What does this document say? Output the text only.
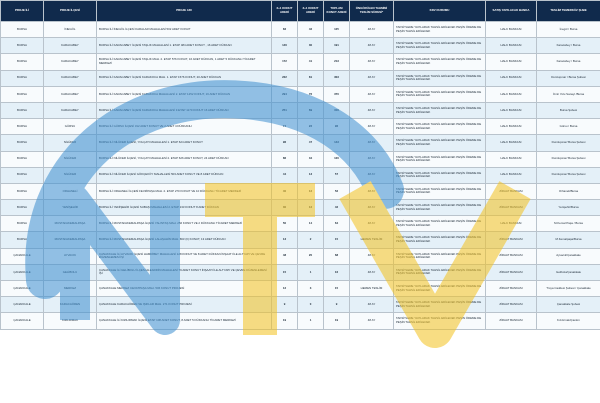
PROJE İLİ	PROJE İLÇESİ	PROJE ADI	2+1 KONUT ADEDİ	3+1 KONUT ADEDİ	TOPLAM KONUT ADEDİ	ÖNGÖRÜLEN TAHMİNİ TESLİM SÜRESİ*	KDV DURUMU	SATIŞ YAPILACAK BANKA	TESLİM TEMERKÜZ ŞUBE
BURSA	İNEGÖL	BURSA İLİ İNEGÖL İLÇESİ KARALAR MAHALLESİ 502 ADET KONUT	83	42	125	48 AY	TAKSİTLERE YAYILARAK TAHSİL EDİLECEK PEŞİN ÖDEME DE PEŞİN TAHSİL EDİLECEK	HALK BANKASI	İnegöl / Bursa
BURSA	KARACABEY	BURSA İLİ KARACABEY İLÇESİ TAŞLIK MAHALLESİ 1. ETAP 484 ADET KONUT , 16 ADET DÜKKAN	146	30	191	48 AY	TAKSİTLERE YAYILARAK TAHSİL EDİLECEK PEŞİN ÖDEME DE PEŞİN TAHSİL EDİLECEK	HALK BANKASI	Karacabey / Bursa
BURSA	KARACABEY	BURSA İLİ KARACABEY İLÇESİ TAŞLIK MAH. 2. ETAP 576 KONUT, 16 ADET DÜKKAN, 1 ADET 5 DÜKKANLI TİCARET MERKEZİ	172	41	213	48 AY	TAKSİTLERE YAYILARAK TAHSİL EDİLECEK PEŞİN ÖDEME DE PEŞİN TAHSİL EDİLECEK	HALK BANKASI	Karacabey / Bursa
BURSA	KARACABEY	BURSA İLİ KARACABEY İLÇESİ KARAKOCA MAH. 1. ETAP 1576 KONUT, 20 ADET DÜKKAN	222	81	303	48 AY	TAKSİTLERE YAYILARAK TAHSİL EDİLECEK PEŞİN ÖDEME DE PEŞİN TAHSİL EDİLECEK	HALK BANKASI	Dumlupınar / Bursa Şubesi
BURSA	KARACABEY	BURSA İLİ KARACABEY İLÇESİ KARAKOCA MAHALLESİ 2. ETAP 1252 KONUT, 16 ADET DÜKKAN	294	76	370	48 AY	TAKSİTLERE YAYILARAK TAHSİL EDİLECEK PEŞİN ÖDEME DE PEŞİN TAHSİL EDİLECEK	HALK BANKASI	İzmir Yolu Sanayi /Bursa
BURSA	KARACABEY	BURSA İLİ KARACABEY İLÇESİ KARAKOCA MAHALLESİ 3.ETAP 1170 KONUT 16 ADET DÜKKAN	251	69	316	48 AY	TAKSİTLERE YAYILARAK TAHSİL EDİLECEK PEŞİN ÖDEME DE PEŞİN TAHSİL EDİLECEK	HALK BANKASI	Bursa Şubesi
BURSA	GÜRSU	BURSA İLİ GÜRSU İLÇESİ 312 ADET KONUT VE 2 ADET 4 DÜKKANLI	74	22	96	48 AY	TAKSİTLERE YAYILARAK TAHSİL EDİLECEK PEŞİN ÖDEME DE PEŞİN TAHSİL EDİLECEK	HALK BANKASI	Gürsu / Bursa
BURSA	NİLÜFER	BURSA İLİ NİLÜFER İLÇESİ, YOLÇATI MAHALLESİ 1. ETAP 624 ADET KONUT	96	47	143	48 AY	TAKSİTLERE YAYILARAK TAHSİL EDİLECEK PEŞİN ÖDEME DE PEŞİN TAHSİL EDİLECEK	HALK BANKASI	Dumlupınar/ Bursa Şubesi
BURSA	NİLÜFER	BURSA İLİ NİLÜFER İLÇESİ, YOLÇATI MAHALLESİ 2. ETAP 626 ADET KONUT, 24 ADET DÜKKAN	86	34	120	48 AY	TAKSİTLERE YAYILARAK TAHSİL EDİLECEK PEŞİN ÖDEME DE PEŞİN TAHSİL EDİLECEK	HALK BANKASI	Dumlupınar/ Bursa Şubesi
BURSA	NİLÜFER	BURSA İLİ NİLÜFER İLÇESİ GÖKÇEKÖY MAHALLESİ 503 ADET KONUT VE 8 ADET DÜKKAN	44	13	57	48 AY	TAKSİTLERE YAYILARAK TAHSİL EDİLECEK PEŞİN ÖDEME DE PEŞİN TAHSİL EDİLECEK	HALK BANKASI	Dumlupınar/ Bursa Şubesi
BURSA	ORHANELİ	BURSA İLİ ORHANELİ İLÇESİ FEVZİPAŞA MAH. 2. ETAP 270 KONUT VE 10 DÜKKANLI TİCARET MERKEZİ	40	12	52	48 AY	TAKSİTLERE YAYILARAK TAHSİL EDİLECEK PEŞİN ÖDEME DE PEŞİN TAHSİL EDİLECEK	ZİRAAT BANKASI	Orhaneli/Bursa
BURSA	YENİŞEHİR	BURSA İLİ YENİŞEHİR İLÇESİ SUBAŞI MAHALLESİ 2. ETAP 133 KONUT 8 ADET DÜKKAN	30	12	42	48 AY	TAKSİTLERE YAYILARAK TAHSİL EDİLECEK PEŞİN ÖDEME DE PEŞİN TAHSİL EDİLECEK	ZİRAAT BANKASI	Yenişehir/Bursa
BURSA	MUSTAFAKEMALPAŞA	BURSA İLİ MUSTAFAKEMALPAŞA İLÇESİ YALINTAŞ MAH. 256 KONUT VE 2 DÜKKANLI TİCARET MERKEZİ	50	14	64	48 AY	TAKSİTLERE YAYILARAK TAHSİL EDİLECEK PEŞİN ÖDEME DE PEŞİN TAHSİL EDİLECEK	HALK BANKASI	M.Kemal Paşa / Bursa
BURSA	MUSTAFAKEMALPAŞA	BURSA İLİ MUSTAFAKEMALPAŞA İLÇESİ LALAŞAHİN MAH. 663 (II) KONUT, 13 ADET DÜKKAN	13	2	15	HEMEN TESLİM	TAKSİTLERE YAYILARAK TAHSİL EDİLECEK PEŞİN ÖDEME DE PEŞİN TAHSİL EDİLECEK	ZİRAAT BANKASI	M.Kemalpaşa/Bursa
ÇANAKKALE	AYVACIK	ÇANAKKALE İLİ AYVACIK İLÇESİ HAMDİBEY MAHALLESİ 128 KONUT VE 8 ADET DÜKKAN İNŞAATI İLE ALTYAPI VE ÇEVRE DÜZENLEMESİ İŞİ	48	20	68	48 AY	TAKSİTLERE YAYILARAK TAHSİL EDİLECEK PEŞİN ÖDEME DE PEŞİN TAHSİL EDİLECEK	ZİRAAT BANKASI	Ayvacık/Çanakkale
ÇANAKKALE	GELİBOLU	ÇANAKKALE İLİ GELİBOLU İLÇESİ ALEADDİN MAHALLESİ 79 ADET KONUT İNŞAATI İLE ALTYAPI VE ÇEVRE DÜZENLEMESİ İŞİ	15	1	16	48 AY	TAKSİTLERE YAYILARAK TAHSİL EDİLECEK PEŞİN ÖDEME DE PEŞİN TAHSİL EDİLECEK	ZİRAAT BANKASI	Gelibolu/Çanakkale
ÇANAKKALE	MERKEZ	ÇANAKKALE MERKEZ CEVATPAŞA MAH. 506 KONUT PROJESİ	12	3	15	HEMEN TESLİM	TAKSİTLERE YAYILARAK TAHSİL EDİLECEK PEŞİN ÖDEME DE PEŞİN TAHSİL EDİLECEK	ZİRAAT BANKASI	Troya Caddesi Şubesi / Çanakkale
ÇANAKKALE	KARACAÖREN	ÇANAKKALE KARACAÖREN VE IŞIKLAR MAH. 271 KONUT PROJESİ	9	0	9	48 AY	TAKSİTLERE YAYILARAK TAHSİL EDİLECEK PEŞİN ÖDEME DE PEŞİN TAHSİL EDİLECEK	ZİRAAT BANKASI	Çanakkale Şubesi
ÇANAKKALE	KIZILIRMAK	ÇANAKKALE İLİ KIZILIRMAK İLÇESİ ETAP 108 ADET KONUT, 8 ADET 5 DÜKKANLI TİCARET MERKEZİ	19	1	19	48 AY	TAKSİTLERE YAYILARAK TAHSİL EDİLECEK PEŞİN ÖDEME DE PEŞİN TAHSİL EDİLECEK	ZİRAAT BANKASI	Kızılırmak/Çankırı
